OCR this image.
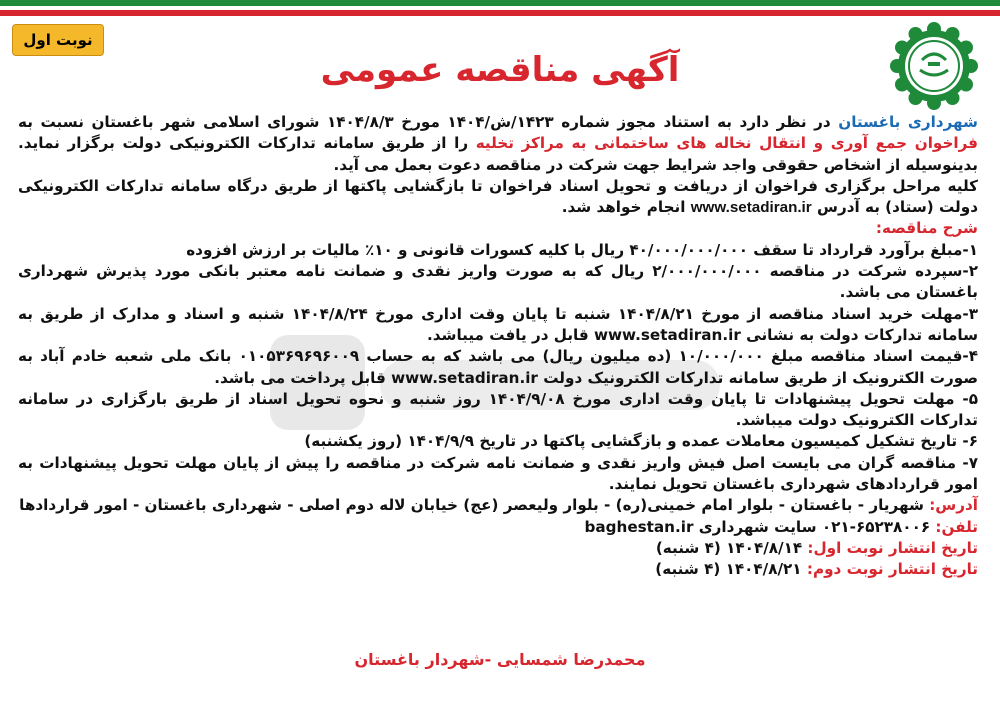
نوبت اول
آگهی مناقصه عمومی

شهرداری باغستان در نظر دارد به استناد مجوز شماره ۱۴۲۳/ش/۱۴۰۴ مورخ ۱۴۰۴/۸/۳ شورای اسلامی شهر باغستان نسبت به فراخوان جمع آوری و انتقال نخاله های ساختمانی به مراکز تخلیه را از طریق سامانه تدارکات الکترونیکی دولت برگزار نماید. بدینوسیله از اشخاص حقوقی واجد شرایط جهت شرکت در مناقصه دعوت بعمل می آید.

کلیه مراحل برگزاری فراخوان از دریافت و تحویل اسناد فراخوان تا بازگشایی پاکتها از طریق درگاه سامانه تدارکات الکترونیکی دولت (ستاد) به آدرس www.setadiran.ir انجام خواهد شد.

شرح مناقصه:

۱-مبلغ برآورد قرارداد تا سقف ۴۰/۰۰۰/۰۰۰/۰۰۰ ریال با کلیه کسورات قانونی و ۱۰٪ مالیات بر ارزش افزوده

۲-سپرده شرکت در مناقصه ۲/۰۰۰/۰۰۰/۰۰۰ ریال که به صورت واریز نقدی و ضمانت نامه معتبر بانکی مورد پذیرش شهرداری باغستان می باشد.

۳-مهلت خرید اسناد مناقصه از مورخ ۱۴۰۴/۸/۲۱ شنبه تا پایان وقت اداری مورخ ۱۴۰۴/۸/۲۴ شنبه و اسناد و مدارک از طریق به سامانه تدارکات دولت به نشانی www.setadiran.ir قابل در یافت میباشد.

۴-قیمت اسناد مناقصه مبلغ ۱۰/۰۰۰/۰۰۰ (ده میلیون ریال) می باشد که به حساب ۰۱۰۵۳۶۹۶۹۶۰۰۹ بانک ملی شعبه خادم آباد به صورت الکترونیک از طریق سامانه تدارکات الکترونیک دولت www.setadiran.ir قابل پرداخت می باشد.

۵- مهلت تحویل پیشنهادات تا پایان وقت اداری مورخ ۱۴۰۴/۹/۰۸ روز شنبه و نحوه تحویل اسناد از طریق بارگزاری در سامانه تدارکات الکترونیک دولت میباشد.

۶- تاریخ تشکیل کمیسیون معاملات عمده و بازگشایی پاکتها در تاریخ ۱۴۰۴/۹/۹ (روز یکشنبه)

۷- مناقصه گران می بایست اصل فیش واریز نقدی و ضمانت نامه شرکت در مناقصه را پیش از پایان مهلت تحویل پیشنهادات به امور قراردادهای شهرداری باغستان تحویل نمایند.

آدرس: شهریار - باغستان - بلوار امام خمینی(ره) - بلوار ولیعصر (عج) خیابان لاله دوم اصلی - شهرداری باغستان - امور قراردادها

تلفن: ۶۵۲۳۸۰۰۶-۰۲۱ سایت شهرداری baghestan.ir

تاریخ انتشار نوبت اول: ۱۴۰۴/۸/۱۴ (۴ شنبه)

تاریخ انتشار نوبت دوم: ۱۴۰۴/۸/۲۱ (۴ شنبه)

محمدرضا شمسایی -شهردار باغستان
